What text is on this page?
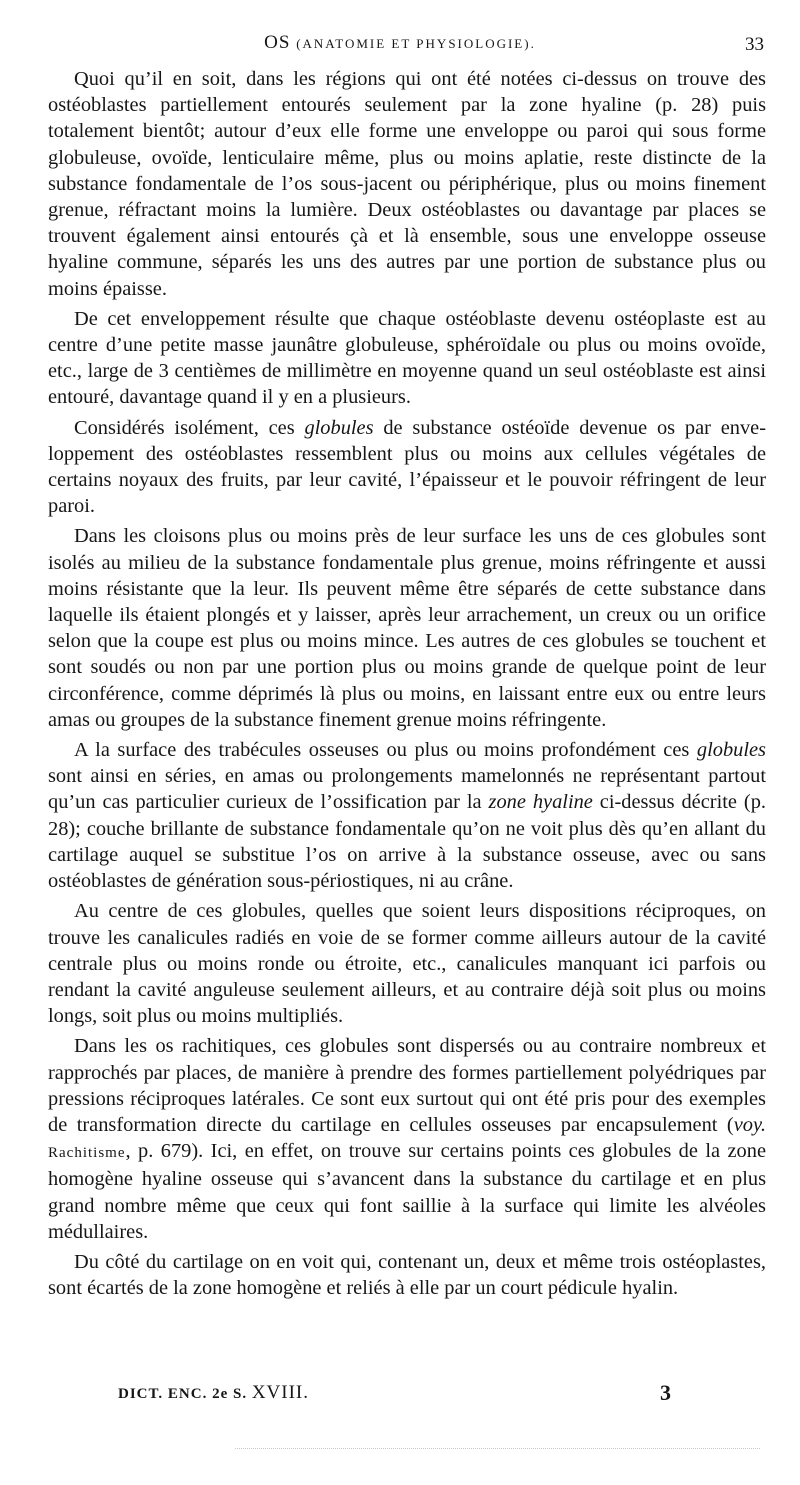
OS (ANATOMIE ET PHYSIOLOGIE).	33

Quoi qu’il en soit, dans les régions qui ont été notées ci-dessus on trouve des ostéoblastes partiellement entourés seulement par la zone hyaline (p. 28) puis totalement bientôt; autour d’eux elle forme une enveloppe ou paroi qui sous forme globuleuse, ovoïde, lenticulaire même, plus ou moins aplatie, reste distincte de la substance fondamentale de l’os sous-jacent ou périphérique, plus ou moins finement grenue, réfractant moins la lumière. Deux ostéoblastes ou davantage par places se trouvent également ainsi entourés çà et là ensemble, sous une enveloppe osseuse hyaline commune, séparés les uns des autres par une portion de substance plus ou moins épaisse.

De cet enveloppement résulte que chaque ostéoblaste devenu ostéoplaste est au centre d’une petite masse jaunâtre globuleuse, sphéroïdale ou plus ou moins ovoïde, etc., large de 3 centièmes de millimètre en moyenne quand un seul ostéoblaste est ainsi entouré, davantage quand il y en a plusieurs.

Considérés isolément, ces globules de substance ostéoïde devenue os par enveloppement des ostéoblastes ressemblent plus ou moins aux cellules végétales de certains noyaux des fruits, par leur cavité, l’épaisseur et le pouvoir réfringent de leur paroi.

Dans les cloisons plus ou moins près de leur surface les uns de ces globules sont isolés au milieu de la substance fondamentale plus grenue, moins réfringente et aussi moins résistante que la leur. Ils peuvent même être séparés de cette substance dans laquelle ils étaient plongés et y laisser, après leur arrachement, un creux ou un orifice selon que la coupe est plus ou moins mince. Les autres de ces globules se touchent et sont soudés ou non par une portion plus ou moins grande de quelque point de leur circonférence, comme déprimés là plus ou moins, en laissant entre eux ou entre leurs amas ou groupes de la substance finement grenue moins réfringente.

A la surface des trabécules osseuses ou plus ou moins profondément ces globules sont ainsi en séries, en amas ou prolongements mamelonnés ne représentant partout qu’un cas particulier curieux de l’ossification par la zone hyaline ci-dessus décrite (p. 28); couche brillante de substance fondamentale qu’on ne voit plus dès qu’en allant du cartilage auquel se substitue l’os on arrive à la substance osseuse, avec ou sans ostéoblastes de génération sous-périostiques, ni au crâne.

Au centre de ces globules, quelles que soient leurs dispositions réciproques, on trouve les canalicules radiés en voie de se former comme ailleurs autour de la cavité centrale plus ou moins ronde ou étroite, etc., canalicules manquant ici parfois ou rendant la cavité anguleuse seulement ailleurs, et au contraire déjà soit plus ou moins longs, soit plus ou moins multipliés.

Dans les os rachitiques, ces globules sont dispersés ou au contraire nombreux et rapprochés par places, de manière à prendre des formes partiellement polyédriques par pressions réciproques latérales. Ce sont eux surtout qui ont été pris pour des exemples de transformation directe du cartilage en cellules osseuses par encapsulement (voy. Rachitisme, p. 679). Ici, en effet, on trouve sur certains points ces globules de la zone homogène hyaline osseuse qui s’avancent dans la substance du cartilage et en plus grand nombre même que ceux qui font saillie à la surface qui limite les alvéoles médullaires.

Du côté du cartilage on en voit qui, contenant un, deux et même trois ostéoplastes, sont écartés de la zone homogène et reliés à elle par un court pédicule hyalin.

DICT. ENC. 2e S. XVIII.	3
